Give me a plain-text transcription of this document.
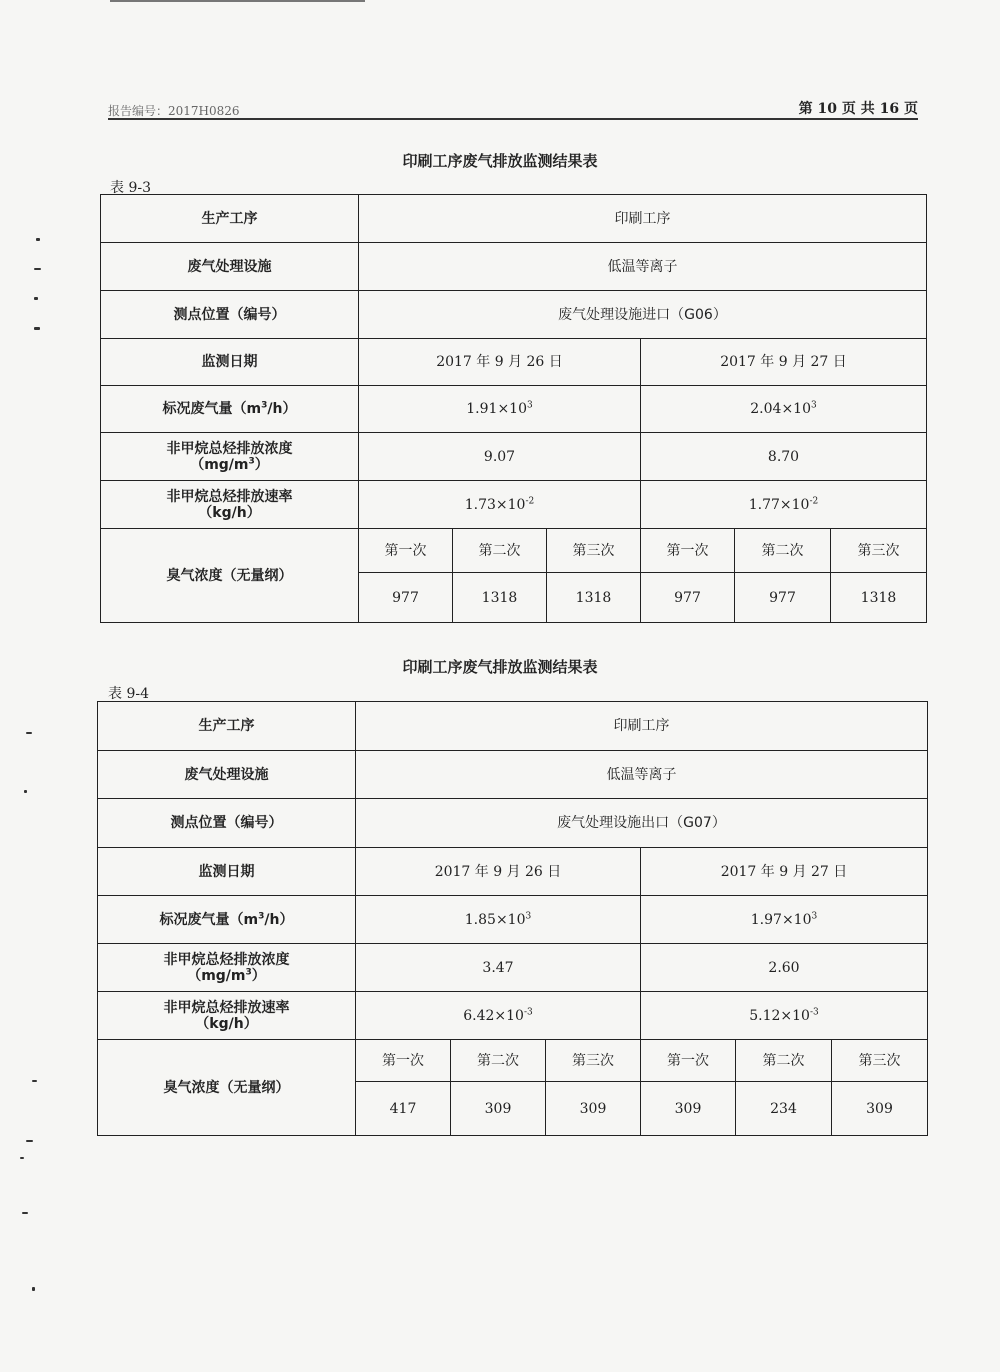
报告编号：2017H0826	第 10 页 共 16 页
印刷工序废气排放监测结果表
表 9-3
生产工序	印刷工序					
废气处理设施	低温等离子					
测点位置（编号）	废气处理设施进口（G06）					
监测日期	2017 年 9 月 26 日			2017 年 9 月 27 日		
标况废气量$(m^3/h)$	$1.91\times 10^3$			$2.04\times 10^3$

非甲烷总烃排放浓度
$(mg/m^3)$	9.07			8.70		

非甲烷总烃排放速率
（kg/h）	$1.73\times 10^{-2}$			$1.77\times 10^{-2}$
臭气浓度（无量纲）	第一次	第二次	第三次	第一次	第二次	第三次
	977	1318	1318	977	977	1318
印刷工序废气排放监测结果表
表 9-4
生产工序	印刷工序					
废气处理设施	低温等离子					
测点位置（编号）	废气处理设施出口（G07）					
监测日期	2017 年 9 月 26 日			2017 年 9 月 27 日		
标况废气量$(m^3/h)$	$1.85\times 10^3$			$1.97\times 10^3$

非甲烷总烃排放浓度
$(mg/m^3)$	3.47			2.60		

非甲烷总烃排放速率
（kg/h）	$6.42\times 10^{-3}$			$5.12\times 10^{-3}$
臭气浓度（无量纲）	第一次	第二次	第三次	第一次	第二次	第三次
	417	309	309	309	234	309
